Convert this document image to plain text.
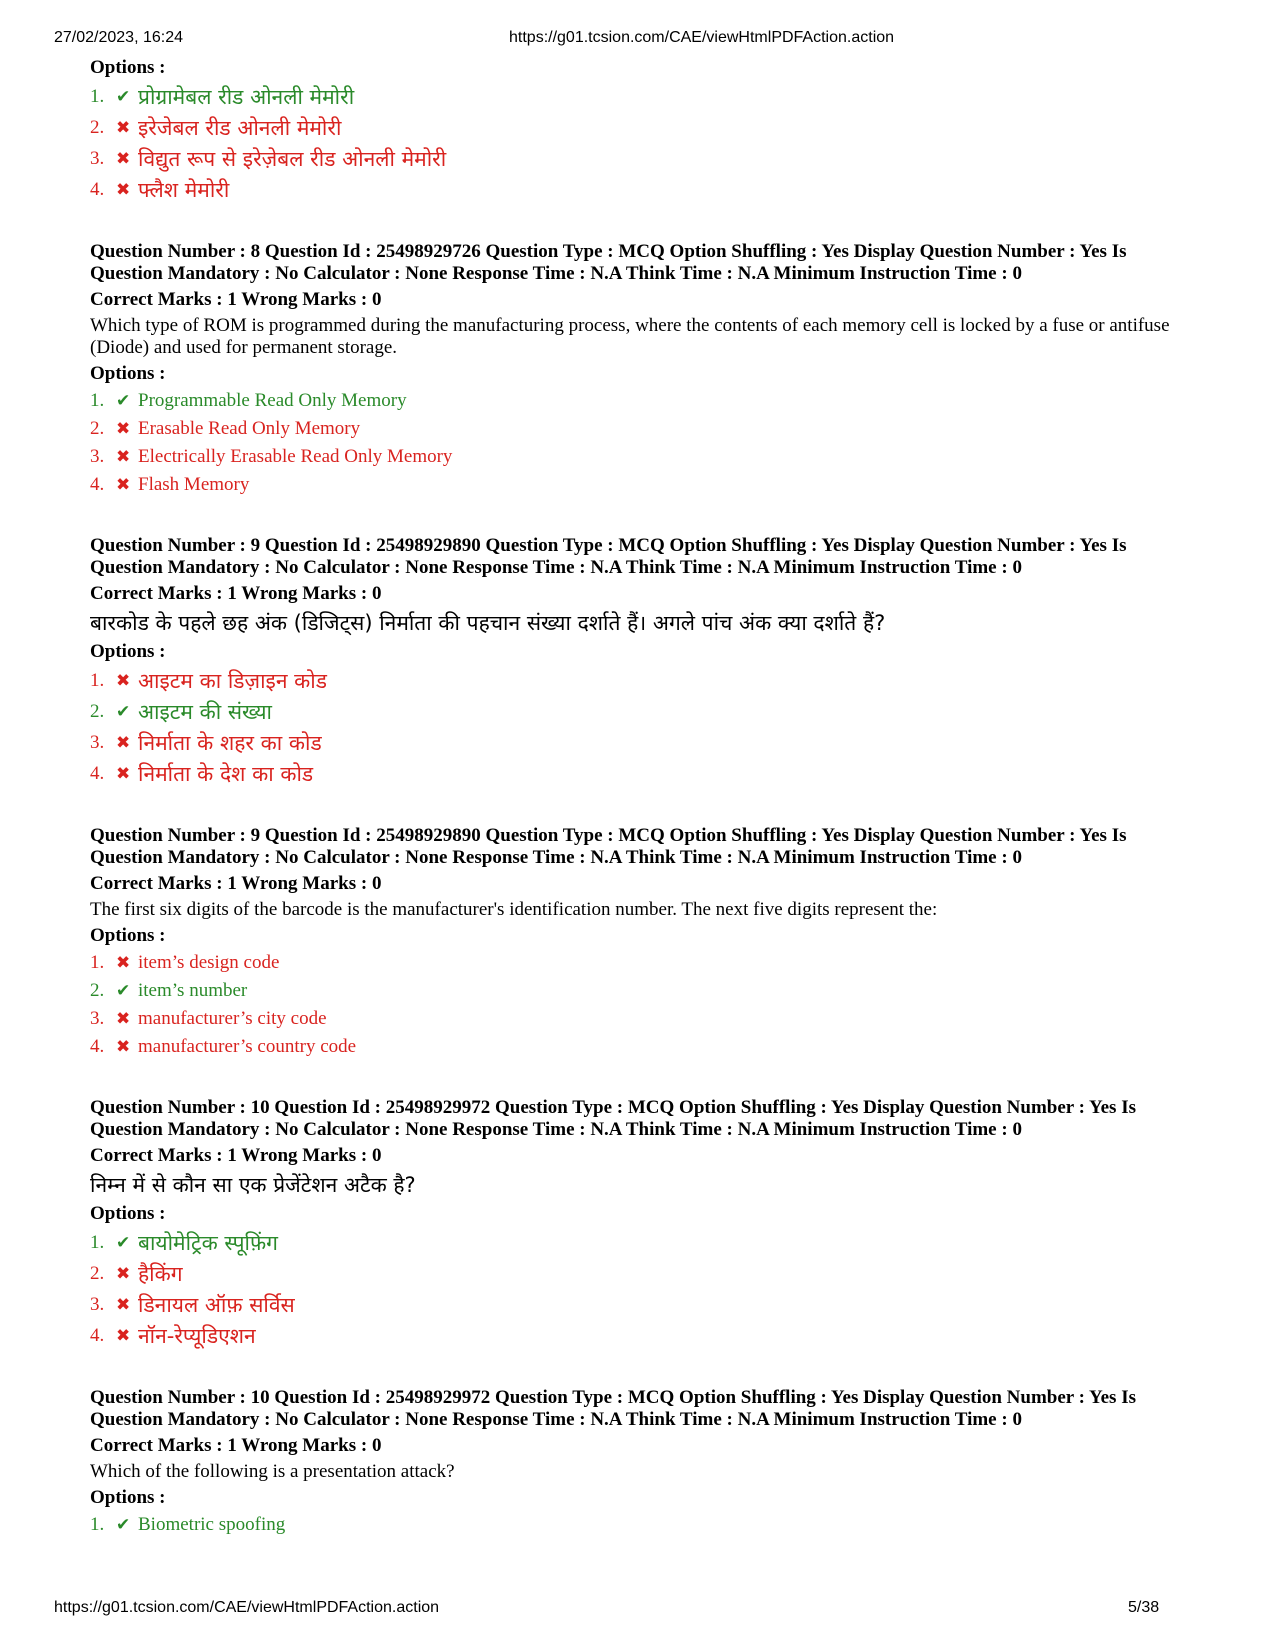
27/02/2023, 16:24	https://g01.tcsion.com/CAE/viewHtmlPDFAction.action
Options :
1. ✔ प्रोग्रामेबल रीड ओनली मेमोरी
2. ✖ इरेजेबल रीड ओनली मेमोरी
3. ✖ विद्युत रूप से इरेज़ेबल रीड ओनली मेमोरी
4. ✖ फ्लैश मेमोरी
Question Number : 8 Question Id : 25498929726 Question Type : MCQ Option Shuffling : Yes Display Question Number : Yes Is Question Mandatory : No Calculator : None Response Time : N.A Think Time : N.A Minimum Instruction Time : 0
Correct Marks : 1 Wrong Marks : 0
Which type of ROM is programmed during the manufacturing process, where the contents of each memory cell is locked by a fuse or antifuse (Diode) and used for permanent storage.
Options :
1. ✔ Programmable Read Only Memory
2. ✖ Erasable Read Only Memory
3. ✖ Electrically Erasable Read Only Memory
4. ✖ Flash Memory
Question Number : 9 Question Id : 25498929890 Question Type : MCQ Option Shuffling : Yes Display Question Number : Yes Is Question Mandatory : No Calculator : None Response Time : N.A Think Time : N.A Minimum Instruction Time : 0
Correct Marks : 1 Wrong Marks : 0
बारकोड के पहले छह अंक (डिजिट्स) निर्माता की पहचान संख्या दर्शाते हैं। अगले पांच अंक क्या दर्शाते हैं?
Options :
1. ✖ आइटम का डिज़ाइन कोड
2. ✔ आइटम की संख्या
3. ✖ निर्माता के शहर का कोड
4. ✖ निर्माता के देश का कोड
Question Number : 9 Question Id : 25498929890 Question Type : MCQ Option Shuffling : Yes Display Question Number : Yes Is Question Mandatory : No Calculator : None Response Time : N.A Think Time : N.A Minimum Instruction Time : 0
Correct Marks : 1 Wrong Marks : 0
The first six digits of the barcode is the manufacturer's identification number. The next five digits represent the:
Options :
1. ✖ item’s design code
2. ✔ item’s number
3. ✖ manufacturer’s city code
4. ✖ manufacturer’s country code
Question Number : 10 Question Id : 25498929972 Question Type : MCQ Option Shuffling : Yes Display Question Number : Yes Is Question Mandatory : No Calculator : None Response Time : N.A Think Time : N.A Minimum Instruction Time : 0
Correct Marks : 1 Wrong Marks : 0
निम्न में से कौन सा एक प्रेजेंटेशन अटैक है?
Options :
1. ✔ बायोमेट्रिक स्पूफ़िंग
2. ✖ हैकिंग
3. ✖ डिनायल ऑफ़ सर्विस
4. ✖ नॉन-रेप्यूडिएशन
Question Number : 10 Question Id : 25498929972 Question Type : MCQ Option Shuffling : Yes Display Question Number : Yes Is Question Mandatory : No Calculator : None Response Time : N.A Think Time : N.A Minimum Instruction Time : 0
Correct Marks : 1 Wrong Marks : 0
Which of the following is a presentation attack?
Options :
1. ✔ Biometric spoofing
https://g01.tcsion.com/CAE/viewHtmlPDFAction.action	5/38
